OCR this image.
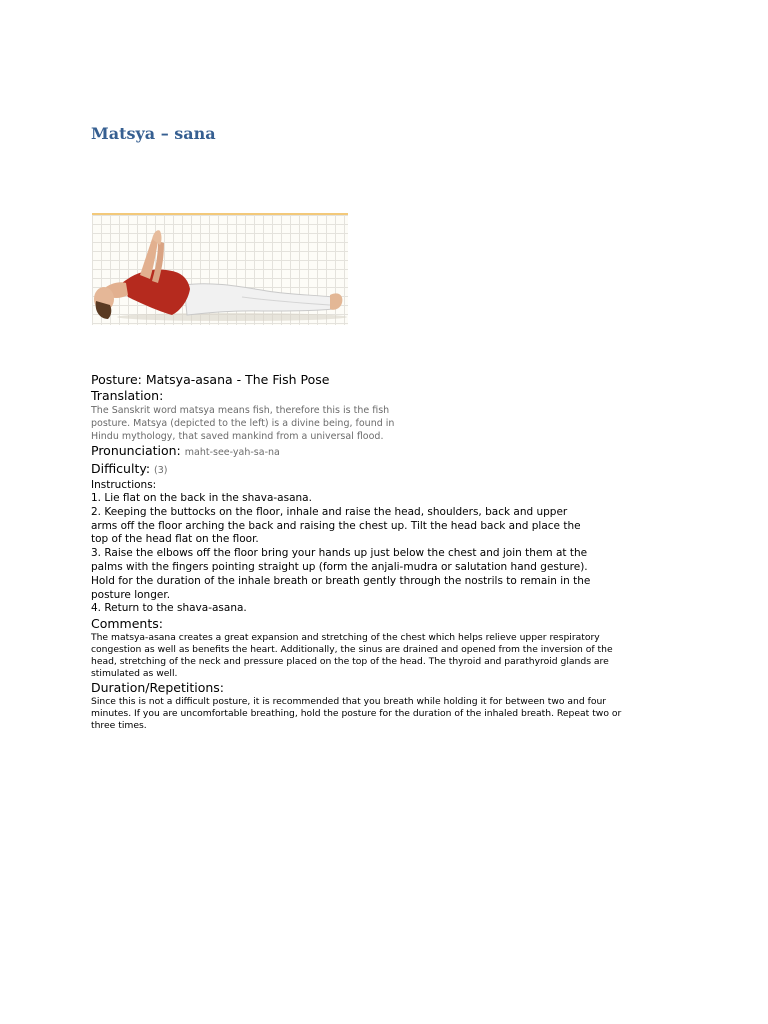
Matsya – sana

Posture: Matsya-asana - The Fish Pose

Translation:

The Sanskrit word matsya means fish, therefore this is the fish posture. Matsya (depicted to the left) is a divine being, found in Hindu mythology, that saved mankind from a universal flood.

Pronunciation: maht-see-yah-sa-na

Difficulty: (3)

Instructions:

1. Lie flat on the back in the shava-asana.
2. Keeping the buttocks on the floor, inhale and raise the head, shoulders, back and upper arms off the floor arching the back and raising the chest up. Tilt the head back and place the top of the head flat on the floor.
3. Raise the elbows off the floor bring your hands up just below the chest and join them at the palms with the fingers pointing straight up (form the anjali-mudra or salutation hand gesture). Hold for the duration of the inhale breath or breath gently through the nostrils to remain in the posture longer.
4. Return to the shava-asana.

Comments:

The matsya-asana creates a great expansion and stretching of the chest which helps relieve upper respiratory congestion as well as benefits the heart. Additionally, the sinus are drained and opened from the inversion of the head, stretching of the neck and pressure placed on the top of the head. The thyroid and parathyroid glands are stimulated as well.

Duration/Repetitions:

Since this is not a difficult posture, it is recommended that you breath while holding it for between two and four minutes. If you are uncomfortable breathing, hold the posture for the duration of the inhaled breath. Repeat two or three times.
